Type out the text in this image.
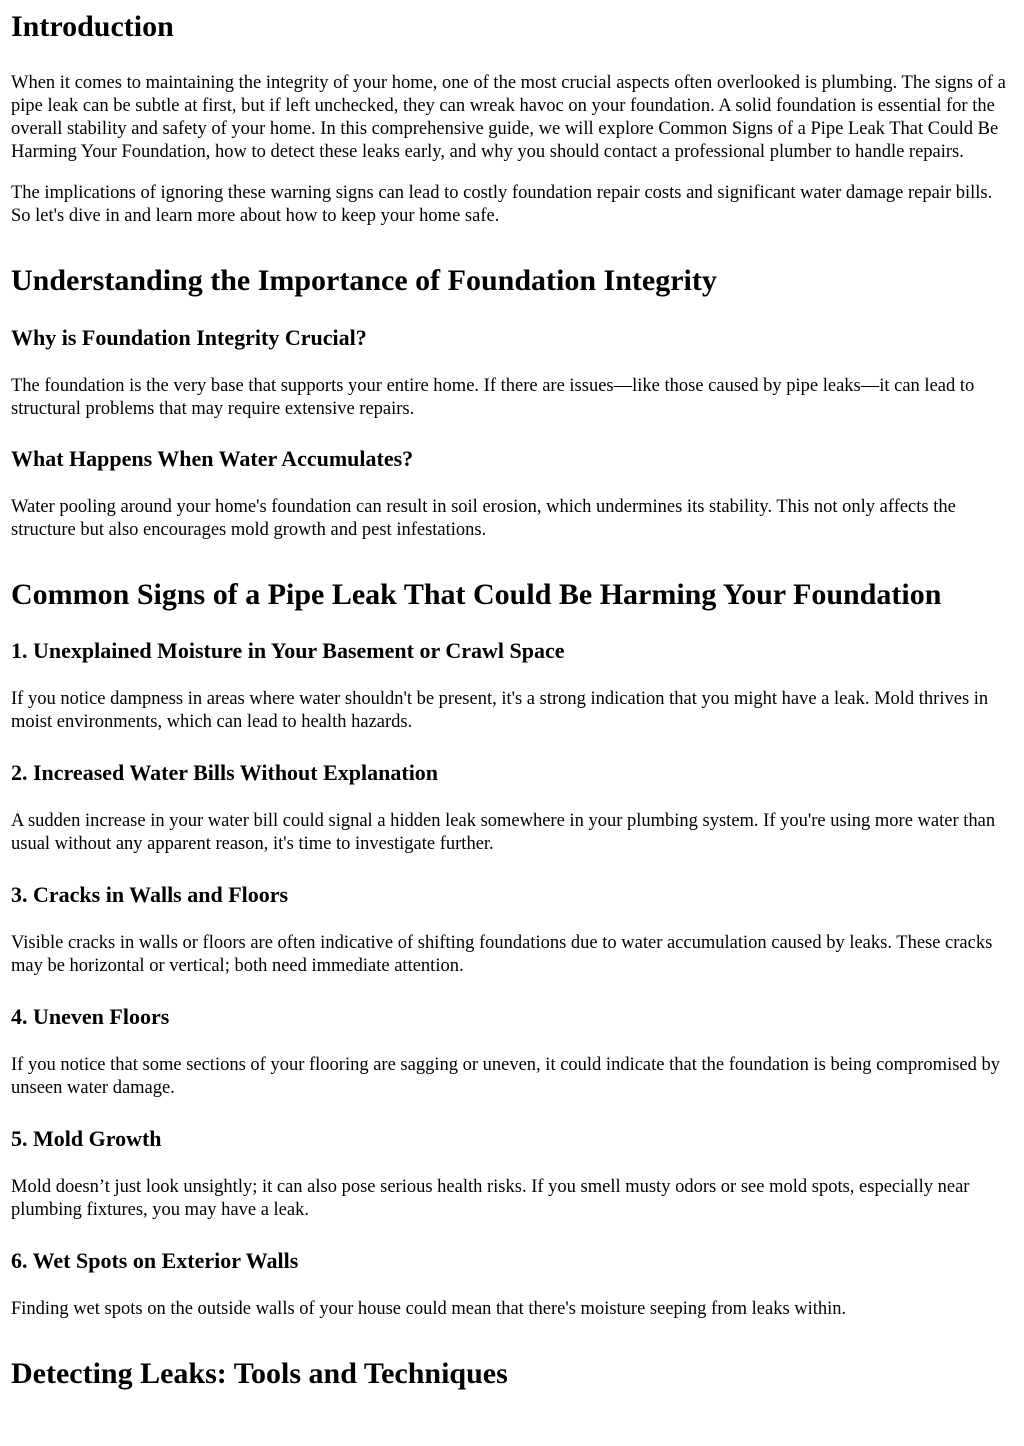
Introduction

When it comes to maintaining the integrity of your home, one of the most crucial aspects often overlooked is plumbing. The signs of a pipe leak can be subtle at first, but if left unchecked, they can wreak havoc on your foundation. A solid foundation is essential for the overall stability and safety of your home. In this comprehensive guide, we will explore Common Signs of a Pipe Leak That Could Be Harming Your Foundation, how to detect these leaks early, and why you should contact a professional plumber to handle repairs.

The implications of ignoring these warning signs can lead to costly foundation repair costs and significant water damage repair bills. So let's dive in and learn more about how to keep your home safe.

Understanding the Importance of Foundation Integrity
Why is Foundation Integrity Crucial?

The foundation is the very base that supports your entire home. If there are issues—like those caused by pipe leaks—it can lead to structural problems that may require extensive repairs.

What Happens When Water Accumulates?

Water pooling around your home's foundation can result in soil erosion, which undermines its stability. This not only affects the structure but also encourages mold growth and pest infestations.

Common Signs of a Pipe Leak That Could Be Harming Your Foundation
1. Unexplained Moisture in Your Basement or Crawl Space

If you notice dampness in areas where water shouldn't be present, it's a strong indication that you might have a leak. Mold thrives in moist environments, which can lead to health hazards.

2. Increased Water Bills Without Explanation

A sudden increase in your water bill could signal a hidden leak somewhere in your plumbing system. If you're using more water than usual without any apparent reason, it's time to investigate further.

3. Cracks in Walls and Floors

Visible cracks in walls or floors are often indicative of shifting foundations due to water accumulation caused by leaks. These cracks may be horizontal or vertical; both need immediate attention.

4. Uneven Floors

If you notice that some sections of your flooring are sagging or uneven, it could indicate that the foundation is being compromised by unseen water damage.

5. Mold Growth

Mold doesn’t just look unsightly; it can also pose serious health risks. If you smell musty odors or see mold spots, especially near plumbing fixtures, you may have a leak.

6. Wet Spots on Exterior Walls

Finding wet spots on the outside walls of your house could mean that there's moisture seeping from leaks within.

Detecting Leaks: Tools and Techniques
